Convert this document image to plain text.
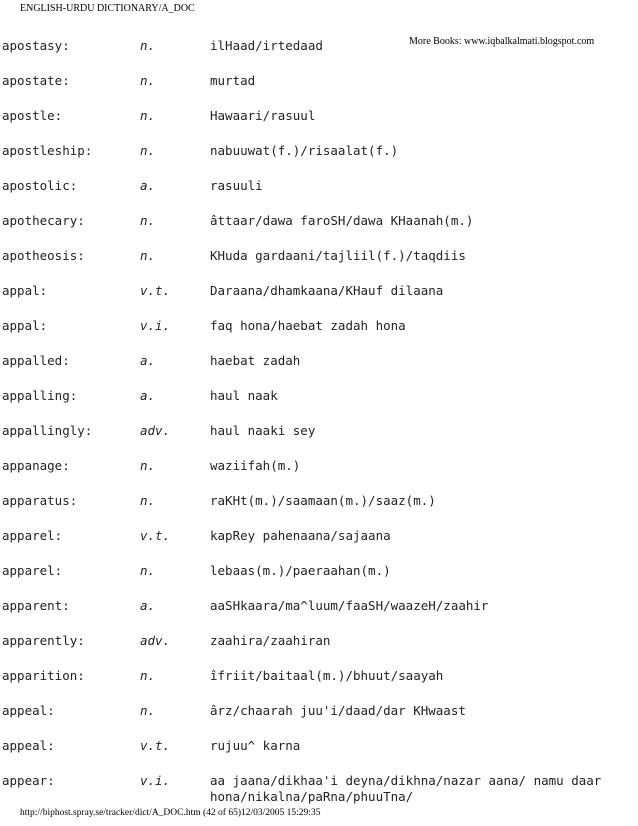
ENGLISH-URDU DICTIONARY/A_DOC
More Books: www.iqbalkalmati.blogspot.com
apostasy:	n.	ilHaad/irtedaad
apostate:	n.	murtad
apostle:	n.	Hawaari/rasuul
apostleship:	n.	nabuuwat(f.)/risaalat(f.)
apostolic:	a.	rasuuli
apothecary:	n.	âttaar/dawa faroSH/dawa KHaanah(m.)
apotheosis:	n.	KHuda gardaani/tajliil(f.)/taqdiis
appal:	v.t.	Daraana/dhamkaana/KHauf dilaana
appal:	v.i.	faq hona/haebat zadah hona
appalled:	a.	haebat zadah
appalling:	a.	haul naak
appallingly:	adv.	haul naaki sey
appanage:	n.	waziifah(m.)
apparatus:	n.	raKHt(m.)/saamaan(m.)/saaz(m.)
apparel:	v.t.	kapRey pahenaana/sajaana
apparel:	n.	lebaas(m.)/paeraahan(m.)
apparent:	a.	aaSHkaara/ma^luum/faaSH/waazeH/zaahir
apparently:	adv.	zaahira/zaahiran
apparition:	n.	îfriit/baitaal(m.)/bhuut/saayah
appeal:	n.	ârz/chaarah juu'i/daad/dar KHwaast
appeal:	v.t.	rujuu^ karna
appear:	v.i.	aa jaana/dikhaa'i deyna/dikhna/nazar aana/ namu daar hona/nikalna/paRna/phuuTna/
http://biphost.spray.se/tracker/dict/A_DOC.htm (42 of 65)12/03/2005 15:29:35
